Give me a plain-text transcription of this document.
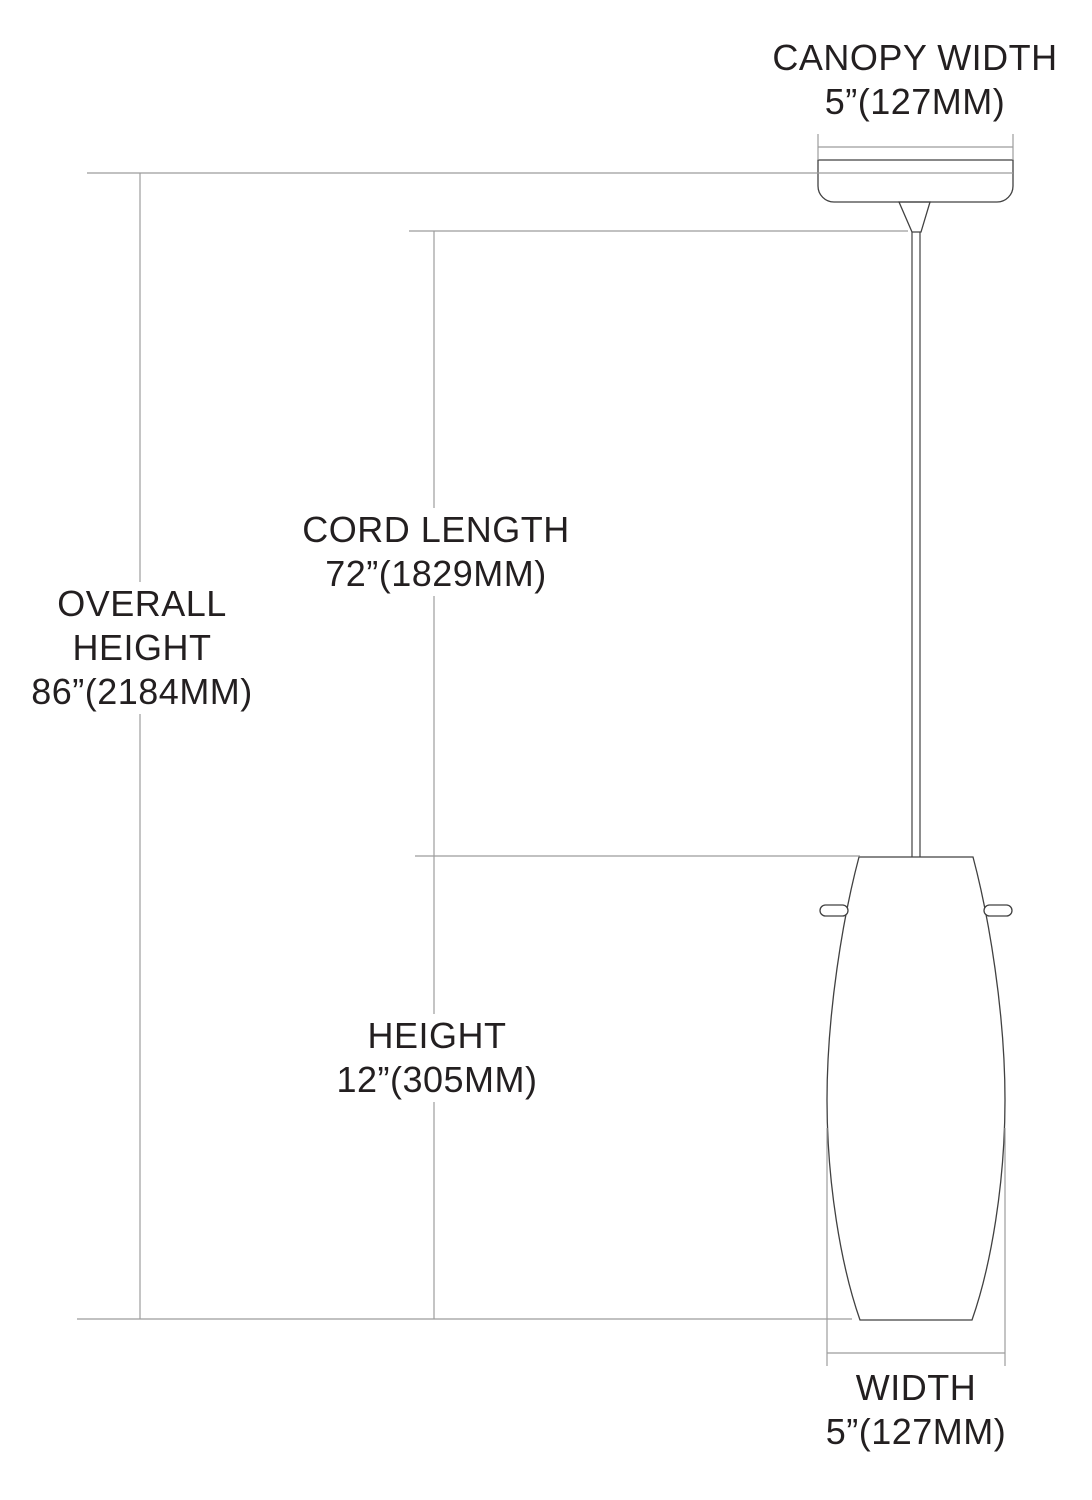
CANOPY WIDTH
5”(127MM)
CORD LENGTH
72”(1829MM)
OVERALL
HEIGHT
86”(2184MM)
HEIGHT
12”(305MM)
WIDTH
5”(127MM)
